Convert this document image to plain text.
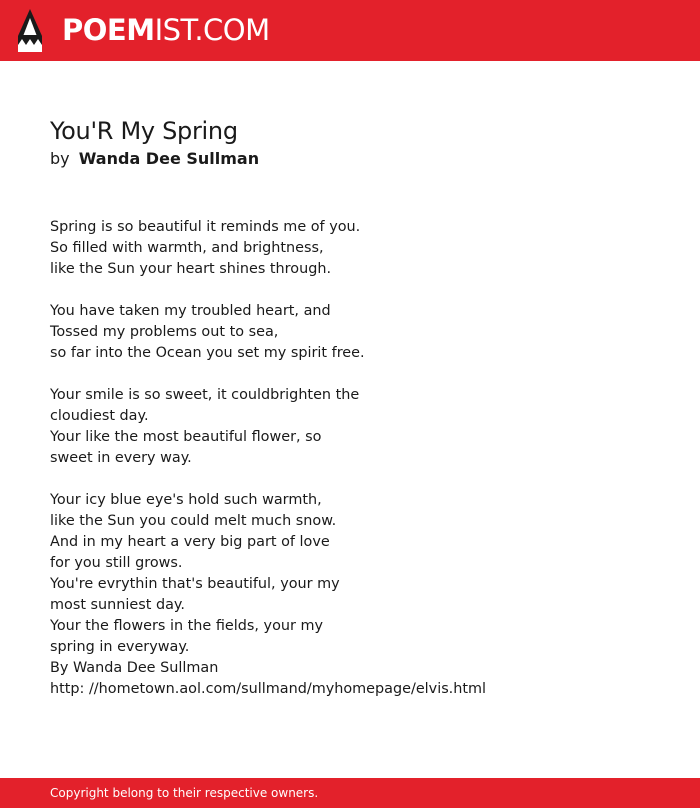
POEMIST.COM
You'R My Spring
by Wanda Dee Sullman
Spring is so beautiful it reminds me of you.
So filled with warmth, and brightness,
like the Sun your heart shines through.
You have taken my troubled heart, and
Tossed my problems out to sea,
so far into the Ocean you set my spirit free.
Your smile is so sweet, it couldbrighten the
cloudiest day.
Your like the most beautiful flower, so
sweet in every way.
Your icy blue eye's hold such warmth,
like the Sun you could melt much snow.
And in my heart a very big part of love
for you still grows.
You're evrythin that's beautiful, your my
most sunniest day.
Your the flowers in the fields, your my
spring in everyway.
By Wanda Dee Sullman
http: //hometown.aol.com/sullmand/myhomepage/elvis.html
Copyright belong to their respective owners.
